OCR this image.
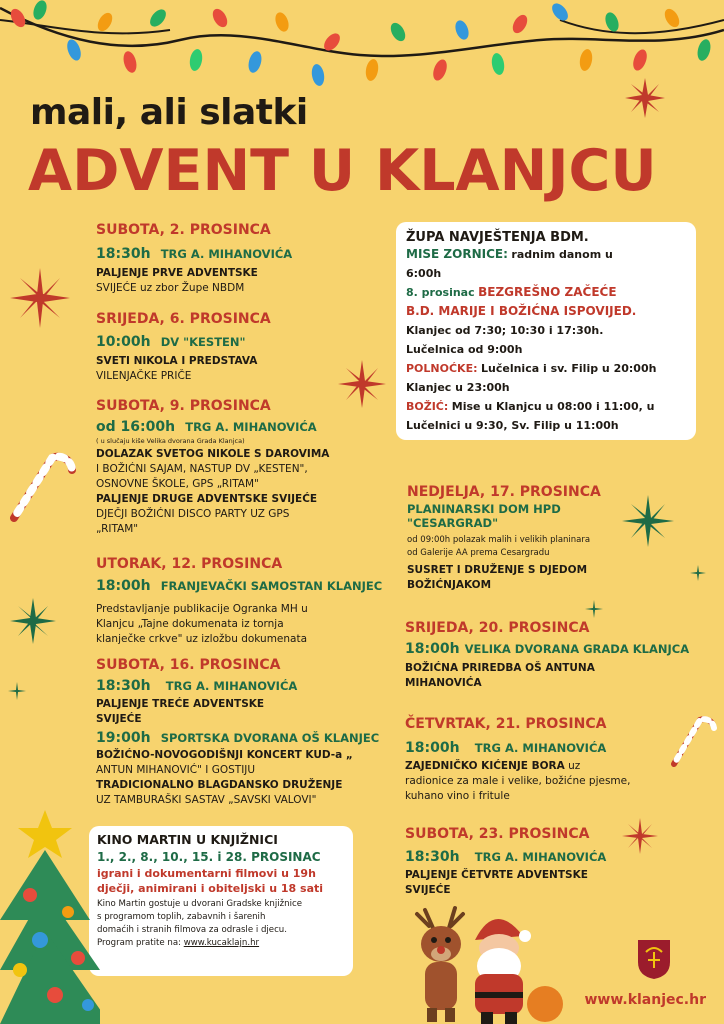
mali, ali slatki
ADVENT U KLANJCU
SUBOTA, 2. PROSINCA
18:30h TRG A. MIHANOVIĆA
PALJENJE PRVE ADVENTSKE
SVIJEĆE uz zbor Župe NBDM
SRIJEDA, 6. PROSINCA
10:00h DV "KESTEN"
SVETI NIKOLA I PREDSTAVA
VILENJAČKE PRIČE
SUBOTA, 9. PROSINCA
od 16:00h TRG A. MIHANOVIĆA
( u slučaju kiše Velika dvorana Grada Klanjca)
DOLAZAK SVETOG NIKOLE S DAROVIMA
I BOŽIĆNI SAJAM, NASTUP DV „KESTEN",
OSNOVNE ŠKOLE, GPS „RITAM"
PALJENJE DRUGE ADVENTSKE SVIJEĆE
DJEČJI BOŽIĆNI DISCO PARTY UZ GPS
„RITAM"
UTORAK, 12. PROSINCA
18:00h FRANJEVAČKI SAMOSTAN KLANJEC
Predstavljanje publikacije Ogranka MH u
Klanjcu „Tajne dokumenata iz tornja
klanječke crkve" uz izložbu dokumenata
SUBOTA, 16. PROSINCA
18:30h TRG A. MIHANOVIĆA
PALJENJE TREĆE ADVENTSKE
SVIJEĆE
19:00h SPORTSKA DVORANA OŠ KLANJEC
BOŽIĆNO-NOVOGODIŠNJI KONCERT KUD-a „
ANTUN MIHANOVIĆ" I GOSTIJU
TRADICIONALNO BLAGDANSKO DRUŽENJE
UZ TAMBURAŠKI SASTAV „SAVSKI VALOVI"
ŽUPA NAVJEŠTENJA BDM.
MISE ZORNICE: radnim danom u
6:00h
8. prosinac BEZGREŠNO ZAČEĆE
B.D. MARIJE I BOŽIĆNA ISPOVIJED.
Klanjec od 7:30; 10:30 i 17:30h.
Lučelnica od 9:00h
POLNOĆKE: Lučelnica i sv. Filip u 20:00h
Klanjec u 23:00h
BOŽIĆ: Mise u Klanjcu u 08:00 i 11:00, u
Lučelnici u 9:30, Sv. Filip u 11:00h
NEDJELJA, 17. PROSINCA
PLANINARSKI DOM HPD
"CESARGRAD"
od 09:00h polazak malih i velikih planinara
od Galerije AA prema Cesargradu
SUSRET I DRUŽENJE S DJEDOM
BOŽIĆNJAKOM
SRIJEDA, 20. PROSINCA
18:00h VELIKA DVORANA GRADA KLANJCA
BOŽIĆNA PRIREDBA OŠ ANTUNA
MIHANOVIĆA
ČETVRTAK, 21. PROSINCA
18:00h TRG A. MIHANOVIĆA
ZAJEDNIČKO KIĆENJE BORA uz
radionice za male i velike, božićne pjesme,
kuhano vino i fritule
SUBOTA, 23. PROSINCA
18:30h TRG A. MIHANOVIĆA
PALJENJE ČETVRTE ADVENTSKE
SVIJEĆE
KINO MARTIN U KNJIŽNICI
1., 2., 8., 10., 15. i 28. PROSINAC
igrani i dokumentarni filmovi u 19h
dječji, animirani i obiteljski u 18 sati
Kino Martin gostuje u dvorani Gradske knjižnice
s programom toplih, zabavnih i šarenih
domaćih i stranih filmova za odrasle i djecu.
Program pratite na: www.kucaklajn.hr
www.klanjec.hr
